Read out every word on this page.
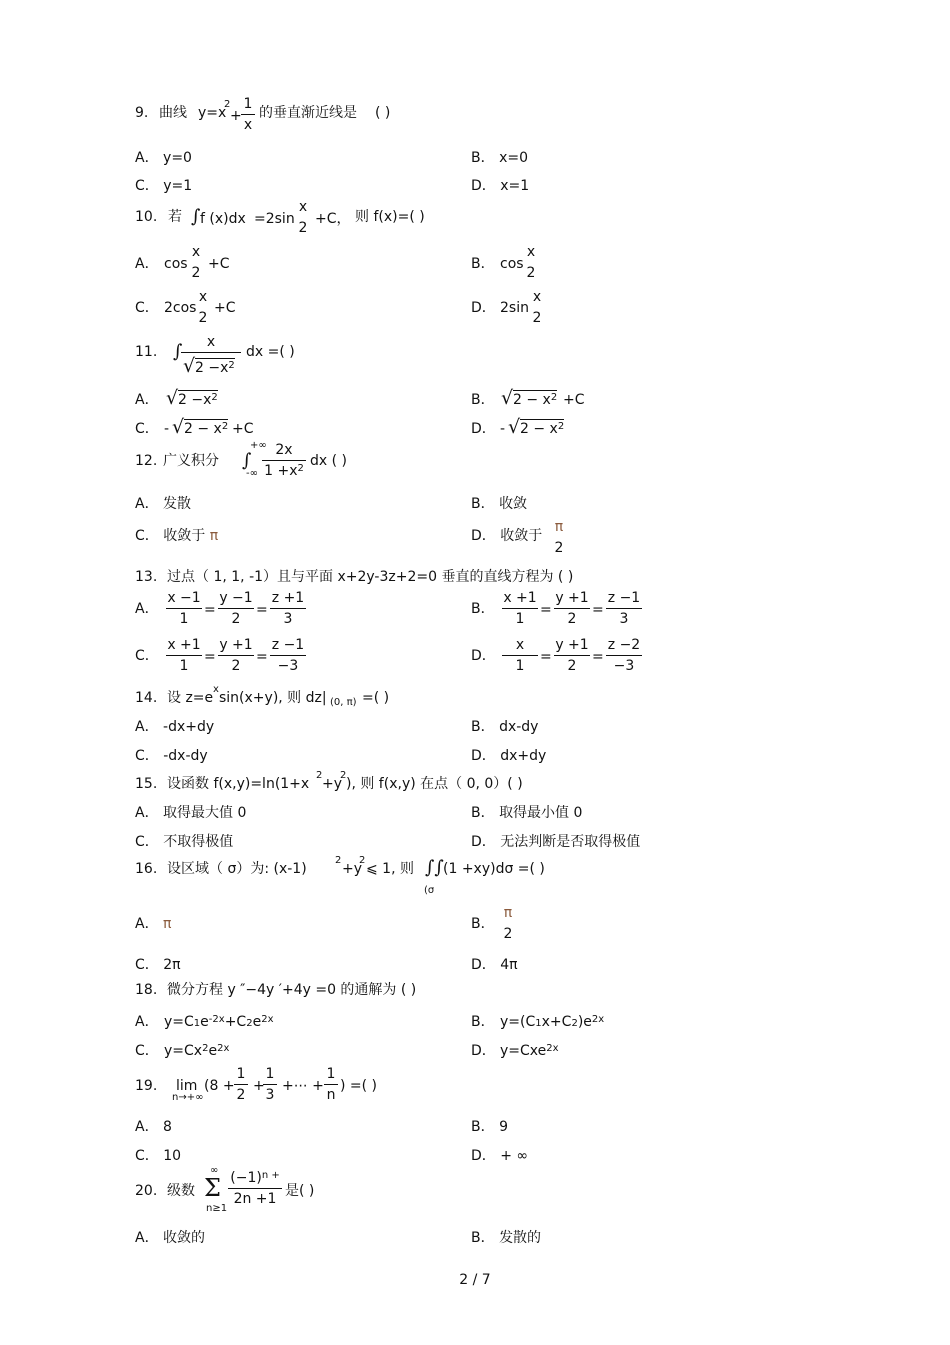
9. 曲线 y=x
2
+
1
x
的垂直渐近线是 ( )
A． y=0	B． x=0
C． y=1	D． x=1
10. 若 ∫ f (x)dx =2sin
x
2
+C， 则 f(x)=( )
A． cos
x
2
+C	B． cos
x
2
C． 2cos
x
2
+C	D． 2sin
x
2
11. ∫	x
√ $2 -x^2$
dx =( )
A． √ $2 -x^2$	B． √ $2 - x^2 +C$
C． - √ $2 - x^2 +C$	D． - √ $2 - x^2$
12. 广义积分
+∞
∫
-∞
2x
$1 +x^2$ dx ( )
A． 发散	B． 收敛
C． 收敛于 π	D． 收敛于
π
2
13. 过点（ 1, 1, -1）且与平面 x+2y-3z+2=0 垂直的直线方程为 ( )
A．
x −1
1
=
y −1
2
=
z +1
3
B．
x +1
1
=
y +1
2
=
z −1
3
C．
x +1
1
=
y +1
2
=
z −1
−3
D．
x
1
=
y +1
2
=
z −2
−3
14. 设 z=e
x
sin(x+y), 则 dz| (0, π) =( )
A． -dx+dy	B． dx-dy
C． -dx-dy	D． dx+dy
15. 设函数 f(x,y)=ln(1+x
2
+y
2
), 则 f(x,y) 在点（ 0, 0）( )
A． 取得最大值 0	B． 取得最小值 0
C． 不取得极值	D． 无法判断是否取得极值
16. 设区域（ σ）为: (x-1)
2
+y
2
⩽ 1, 则 ∫∫
(σ
(1 +xy)dσ =( )
A． π	B．
π
2
C． 2π	D． 4π
18. 微分方程 y ″−4y ′+4y =0 的通解为 ( )
A． $y=C1e^{-2x}+C2e^{2x}$	B． $y=(C1x+C2)e^{2x}$
C． $y=Cx^2e^{2x}$	D． y=Cxe$^{2x}$
19. lim
n→+∞
(8 +
1
2
+
1
3
+⋯ +
1
n
) =( )
A． 8	B． 9
C． 10	D． + ∞
20. 级数
∞
Σ
n≥1
$(-1)^{n +}$
2n +1 是( )
A． 收敛的	B． 发散的
2 / 7
